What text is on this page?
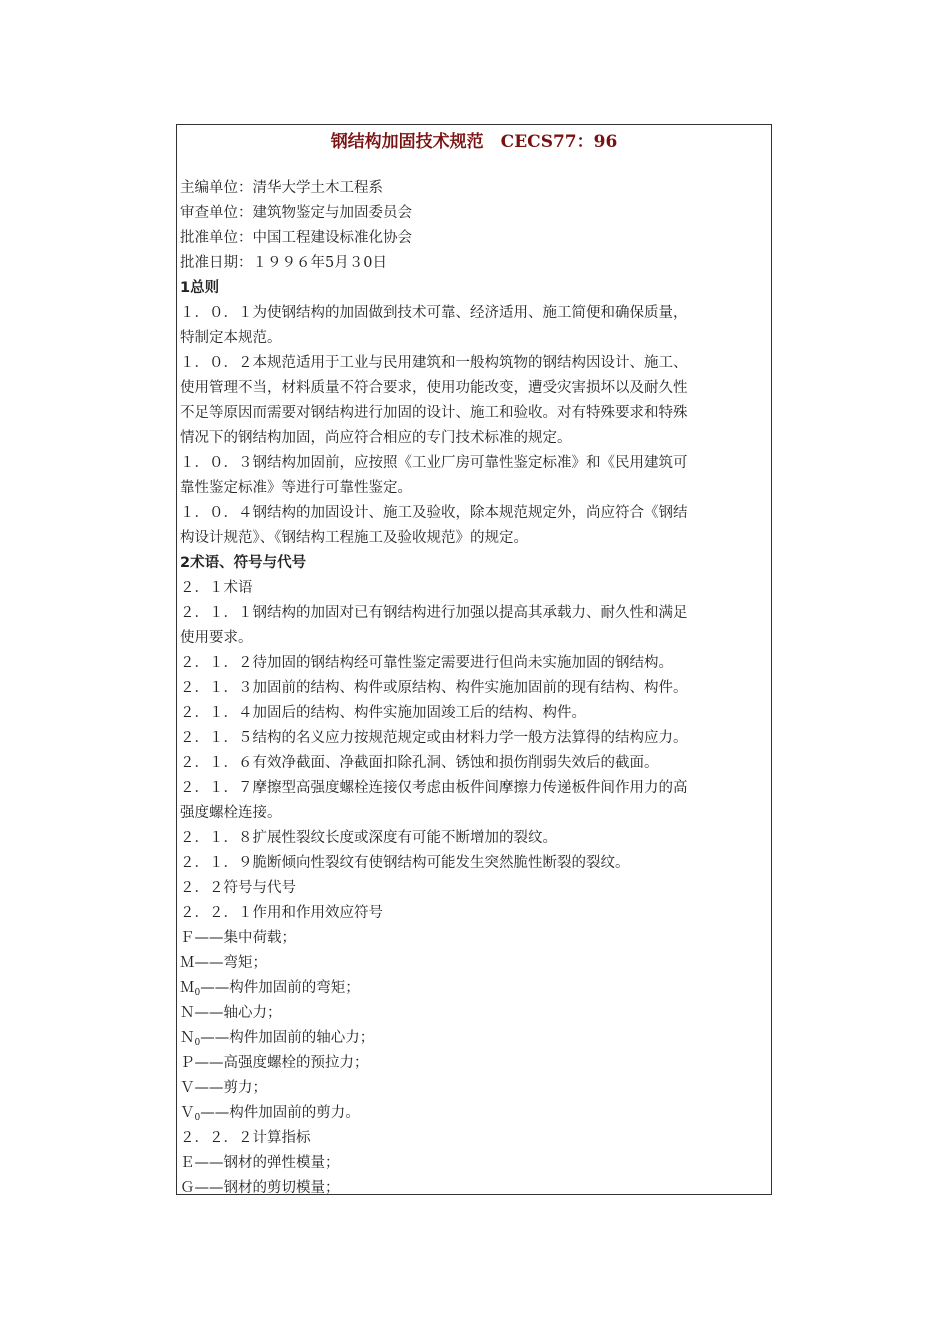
钢结构加固技术规范　CECS77：96
主编单位：清华大学土木工程系
审查单位：建筑物鉴定与加固委员会
批准单位：中国工程建设标准化协会
批准日期：１９９６年5月３0日
1总则
１．０．１为使钢结构的加固做到技术可靠、经济适用、施工简便和确保质量，
特制定本规范。
１．０．２本规范适用于工业与民用建筑和一般构筑物的钢结构因设计、施工、
使用管理不当，材料质量不符合要求，使用功能改变，遭受灾害损坏以及耐久性
不足等原因而需要对钢结构进行加固的设计、施工和验收。对有特殊要求和特殊
情况下的钢结构加固，尚应符合相应的专门技术标准的规定。
１．０．３钢结构加固前，应按照《工业厂房可靠性鉴定标准》和《民用建筑可
靠性鉴定标准》等进行可靠性鉴定。
１．０．４钢结构的加固设计、施工及验收，除本规范规定外，尚应符合《钢结
构设计规范》、《钢结构工程施工及验收规范》的规定。
2术语、符号与代号
２．１术语
２．１．１钢结构的加固对已有钢结构进行加强以提高其承载力、耐久性和满足
使用要求。
２．１．２待加固的钢结构经可靠性鉴定需要进行但尚未实施加固的钢结构。
２．１．３加固前的结构、构件或原结构、构件实施加固前的现有结构、构件。
２．１．４加固后的结构、构件实施加固竣工后的结构、构件。
２．１．５结构的名义应力按规范规定或由材料力学一般方法算得的结构应力。
２．１．６有效净截面、净截面扣除孔洞、锈蚀和损伤削弱失效后的截面。
２．１．７摩擦型高强度螺栓连接仅考虑由板件间摩擦力传递板件间作用力的高
强度螺栓连接。
２．１．８扩展性裂纹长度或深度有可能不断增加的裂纹。
２．１．９脆断倾向性裂纹有使钢结构可能发生突然脆性断裂的裂纹。
２．２符号与代号
２．２．１作用和作用效应符号
Ｆ——集中荷载；
Ｍ——弯矩；
Ｍ$_0$——构件加固前的弯矩；
Ｎ——轴心力；
Ｎ$_0$——构件加固前的轴心力；
Ｐ——高强度螺栓的预拉力；
Ｖ——剪力；
Ｖ$_0$——构件加固前的剪力。
２．２．２计算指标
Ｅ——钢材的弹性模量；
Ｇ——钢材的剪切模量；
